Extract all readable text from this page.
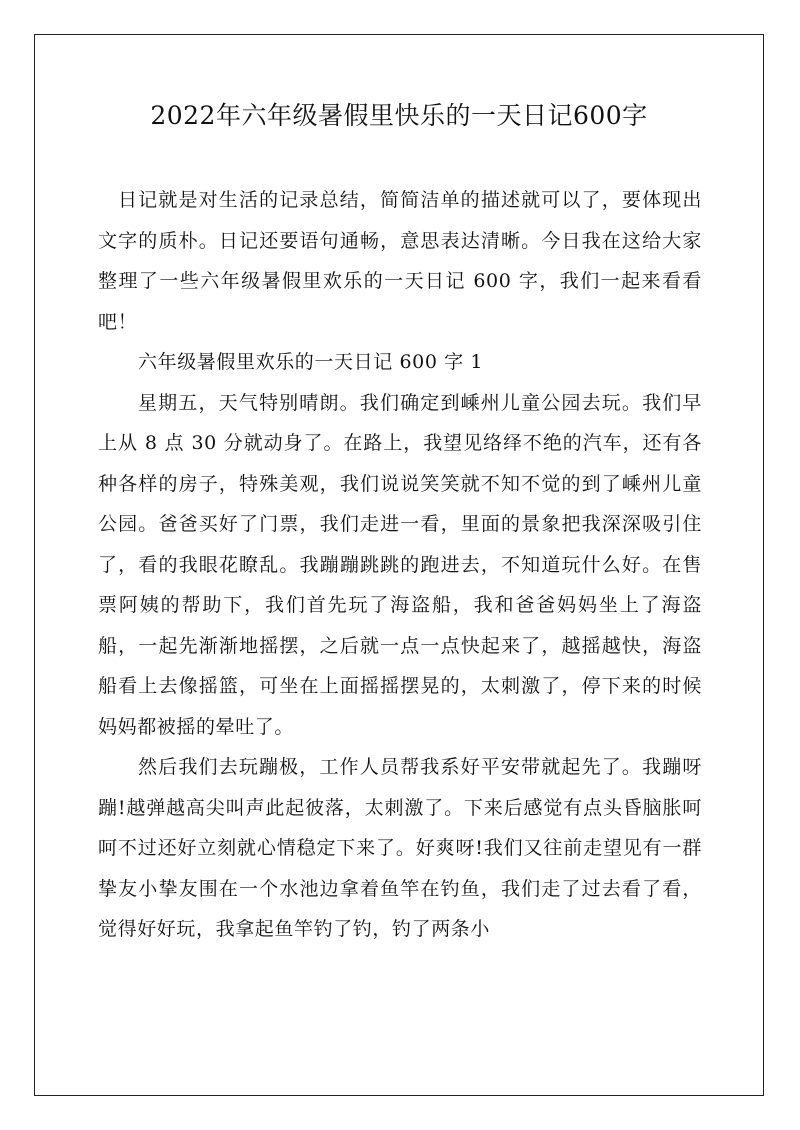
2022年六年级暑假里快乐的一天日记600字

日记就是对生活的记录总结，简简洁单的描述就可以了，要体现出文字的质朴。日记还要语句通畅，意思表达清晰。今日我在这给大家整理了一些六年级暑假里欢乐的一天日记 600 字，我们一起来看看吧！

六年级暑假里欢乐的一天日记 600 字 1

星期五，天气特别晴朗。我们确定到嵊州儿童公园去玩。我们早上从 8 点 30 分就动身了。在路上，我望见络绎不绝的汽车，还有各种各样的房子，特殊美观，我们说说笑笑就不知不觉的到了嵊州儿童公园。爸爸买好了门票，我们走进一看，里面的景象把我深深吸引住了，看的我眼花瞭乱。我蹦蹦跳跳的跑进去，不知道玩什么好。在售票阿姨的帮助下，我们首先玩了海盗船，我和爸爸妈妈坐上了海盗船，一起先渐渐地摇摆，之后就一点一点快起来了，越摇越快，海盗船看上去像摇篮，可坐在上面摇摇摆晃的，太刺激了，停下来的时候妈妈都被摇的晕吐了。

然后我们去玩蹦极，工作人员帮我系好平安带就起先了。我蹦呀蹦!越弹越高尖叫声此起彼落，太刺激了。下来后感觉有点头昏脑胀呵呵不过还好立刻就心情稳定下来了。好爽呀!我们又往前走望见有一群挚友小挚友围在一个水池边拿着鱼竿在钓鱼，我们走了过去看了看，觉得好好玩，我拿起鱼竿钓了钓，钓了两条小
